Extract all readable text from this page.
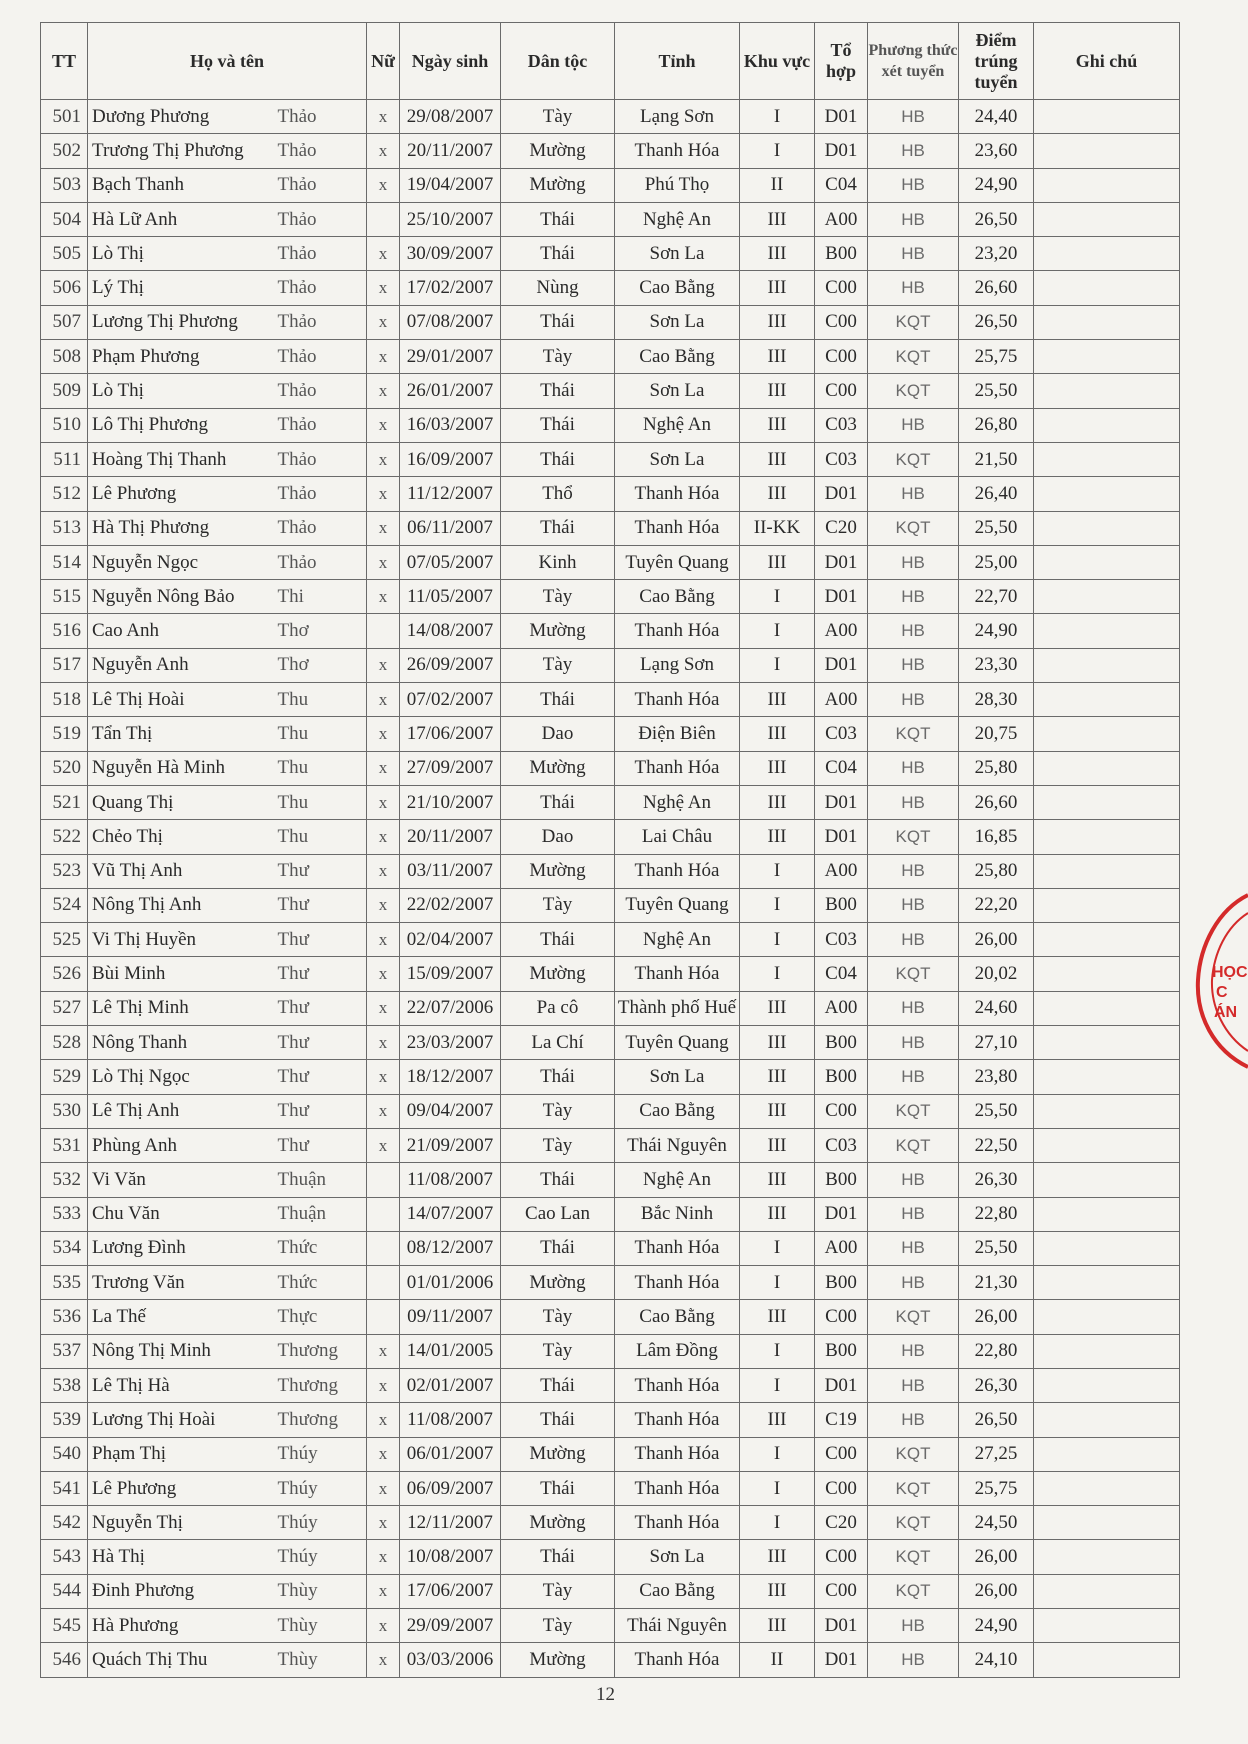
TT	Họ và tên		Nữ	Ngày sinh	Dân tộc	Tỉnh	Khu vực	Tổ hợp	Phương thức xét tuyển	Điểm trúng tuyển	Ghi chú
501	Dương Phương	Thảo	x	29/08/2007	Tày	Lạng Sơn	I	D01	HB	24,40	
502	Trương Thị Phương	Thảo	x	20/11/2007	Mường	Thanh Hóa	I	D01	HB	23,60	
503	Bạch Thanh	Thảo	x	19/04/2007	Mường	Phú Thọ	II	C04	HB	24,90	
504	Hà Lữ Anh	Thảo		25/10/2007	Thái	Nghệ An	III	A00	HB	26,50	
505	Lò Thị	Thảo	x	30/09/2007	Thái	Sơn La	III	B00	HB	23,20	
506	Lý Thị	Thảo	x	17/02/2007	Nùng	Cao Bằng	III	C00	HB	26,60	
507	Lương Thị Phương	Thảo	x	07/08/2007	Thái	Sơn La	III	C00	KQT	26,50	
508	Phạm Phương	Thảo	x	29/01/2007	Tày	Cao Bằng	III	C00	KQT	25,75	
509	Lò Thị	Thảo	x	26/01/2007	Thái	Sơn La	III	C00	KQT	25,50	
510	Lô Thị Phương	Thảo	x	16/03/2007	Thái	Nghệ An	III	C03	HB	26,80	
511	Hoàng Thị Thanh	Thảo	x	16/09/2007	Thái	Sơn La	III	C03	KQT	21,50	
512	Lê Phương	Thảo	x	11/12/2007	Thổ	Thanh Hóa	III	D01	HB	26,40	
513	Hà Thị Phương	Thảo	x	06/11/2007	Thái	Thanh Hóa	II-KK	C20	KQT	25,50	
514	Nguyễn Ngọc	Thảo	x	07/05/2007	Kinh	Tuyên Quang	III	D01	HB	25,00	
515	Nguyễn Nông Bảo	Thi	x	11/05/2007	Tày	Cao Bằng	I	D01	HB	22,70	
516	Cao Anh	Thơ		14/08/2007	Mường	Thanh Hóa	I	A00	HB	24,90	
517	Nguyễn Anh	Thơ	x	26/09/2007	Tày	Lạng Sơn	I	D01	HB	23,30	
518	Lê Thị Hoài	Thu	x	07/02/2007	Thái	Thanh Hóa	III	A00	HB	28,30	
519	Tẩn Thị	Thu	x	17/06/2007	Dao	Điện Biên	III	C03	KQT	20,75	
520	Nguyễn Hà Minh	Thu	x	27/09/2007	Mường	Thanh Hóa	III	C04	HB	25,80	
521	Quang Thị	Thu	x	21/10/2007	Thái	Nghệ An	III	D01	HB	26,60	
522	Chẻo Thị	Thu	x	20/11/2007	Dao	Lai Châu	III	D01	KQT	16,85	
523	Vũ Thị Anh	Thư	x	03/11/2007	Mường	Thanh Hóa	I	A00	HB	25,80	
524	Nông Thị Anh	Thư	x	22/02/2007	Tày	Tuyên Quang	I	B00	HB	22,20	
525	Vi Thị Huyền	Thư	x	02/04/2007	Thái	Nghệ An	I	C03	HB	26,00	
526	Bùi Minh	Thư	x	15/09/2007	Mường	Thanh Hóa	I	C04	KQT	20,02	
527	Lê Thị Minh	Thư	x	22/07/2006	Pa cô	Thành phố Huế	III	A00	HB	24,60	
528	Nông Thanh	Thư	x	23/03/2007	La Chí	Tuyên Quang	III	B00	HB	27,10	
529	Lò Thị Ngọc	Thư	x	18/12/2007	Thái	Sơn La	III	B00	HB	23,80	
530	Lê Thị Anh	Thư	x	09/04/2007	Tày	Cao Bằng	III	C00	KQT	25,50	
531	Phùng Anh	Thư	x	21/09/2007	Tày	Thái Nguyên	III	C03	KQT	22,50	
532	Vi Văn	Thuận		11/08/2007	Thái	Nghệ An	III	B00	HB	26,30	
533	Chu Văn	Thuận		14/07/2007	Cao Lan	Bắc Ninh	III	D01	HB	22,80	
534	Lương Đình	Thức		08/12/2007	Thái	Thanh Hóa	I	A00	HB	25,50	
535	Trương Văn	Thức		01/01/2006	Mường	Thanh Hóa	I	B00	HB	21,30	
536	La Thế	Thực		09/11/2007	Tày	Cao Bằng	III	C00	KQT	26,00	
537	Nông Thị Minh	Thương	x	14/01/2005	Tày	Lâm Đồng	I	B00	HB	22,80	
538	Lê Thị Hà	Thương	x	02/01/2007	Thái	Thanh Hóa	I	D01	HB	26,30	
539	Lương Thị Hoài	Thương	x	11/08/2007	Thái	Thanh Hóa	III	C19	HB	26,50	
540	Phạm Thị	Thúy	x	06/01/2007	Mường	Thanh Hóa	I	C00	KQT	27,25	
541	Lê Phương	Thúy	x	06/09/2007	Thái	Thanh Hóa	I	C00	KQT	25,75	
542	Nguyễn Thị	Thúy	x	12/11/2007	Mường	Thanh Hóa	I	C20	KQT	24,50	
543	Hà Thị	Thúy	x	10/08/2007	Thái	Sơn La	III	C00	KQT	26,00	
544	Đinh Phương	Thùy	x	17/06/2007	Tày	Cao Bằng	III	C00	KQT	26,00	
545	Hà Phương	Thùy	x	29/09/2007	Tày	Thái Nguyên	III	D01	HB	24,90	
546	Quách Thị Thu	Thùy	x	03/03/2006	Mường	Thanh Hóa	II	D01	HB	24,10	
12
HỌC
C
ÁN
